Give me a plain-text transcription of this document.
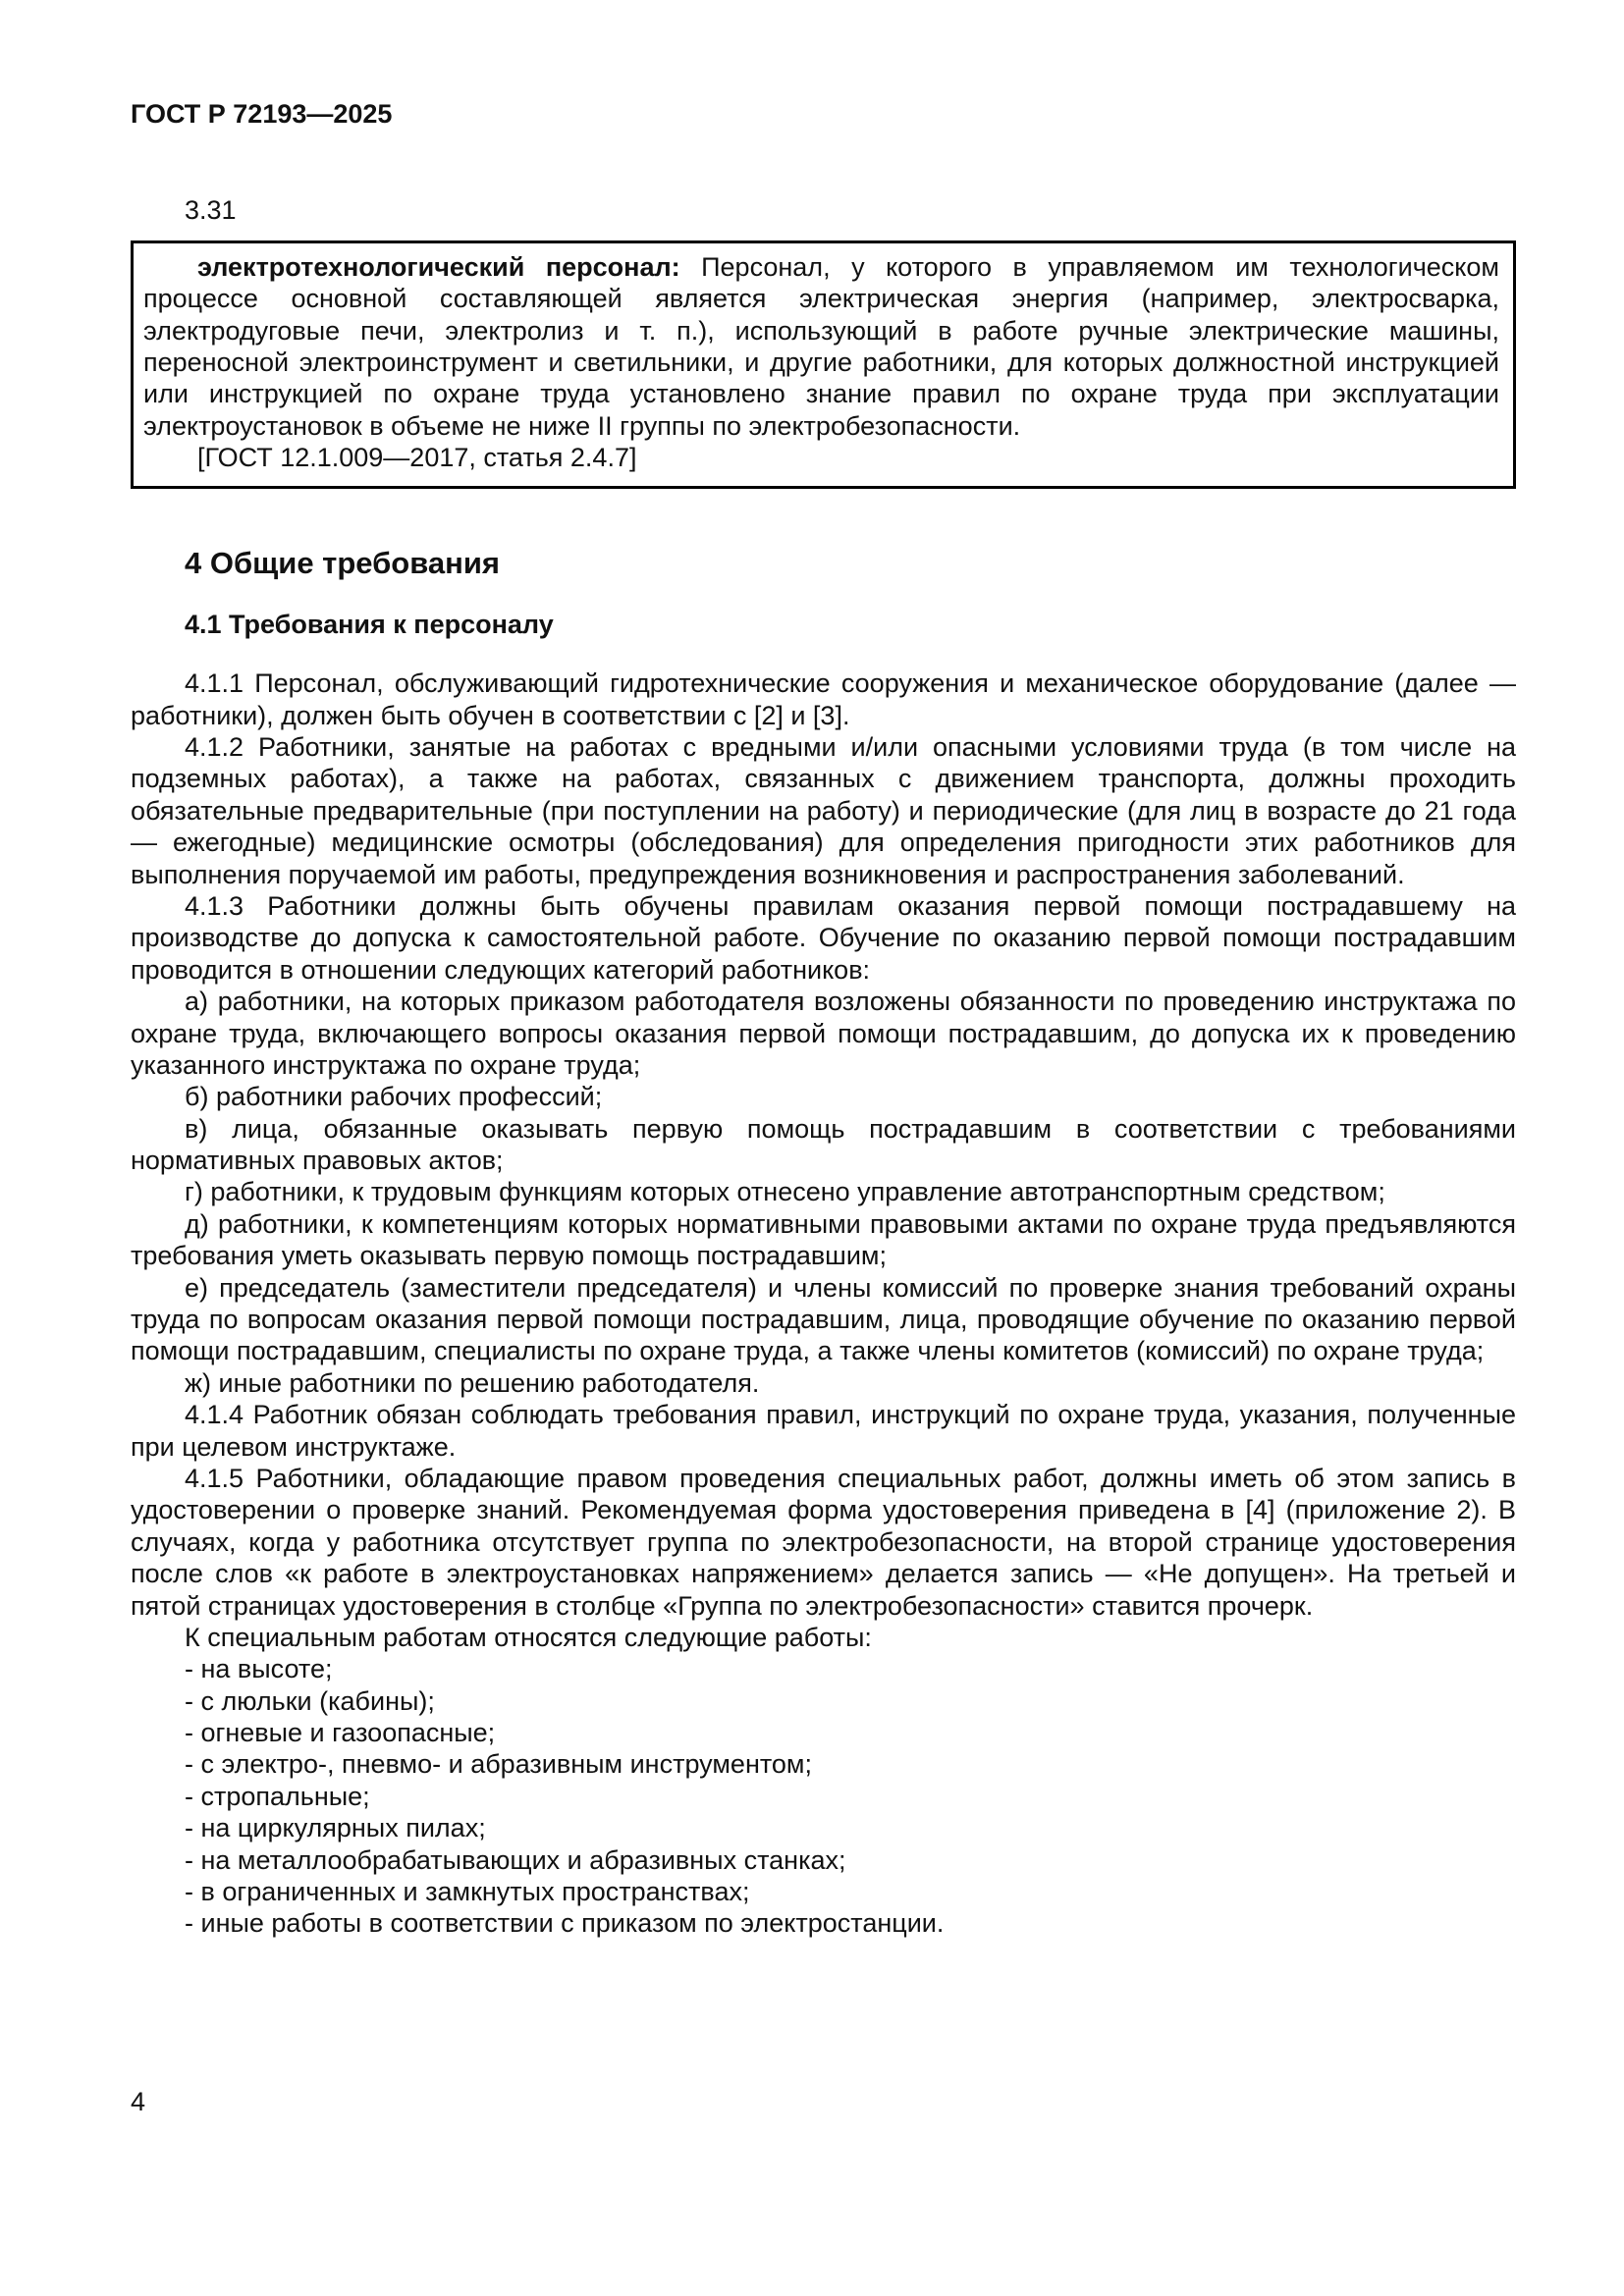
ГОСТ Р 72193—2025
3.31

электротехнологический персонал: Персонал, у которого в управляемом им технологическом процессе основной составляющей является электрическая энергия (например, электросварка, электродуговые печи, электролиз и т. п.), использующий в работе ручные электрические машины, переносной электроинструмент и светильники, и другие работники, для которых должностной инструкцией или инструкцией по охране труда установлено знание правил по охране труда при эксплуатации электроустановок в объеме не ниже II группы по электробезопасности.

[ГОСТ 12.1.009—2017, статья 2.4.7]

4 Общие требования
4.1 Требования к персоналу

4.1.1 Персонал, обслуживающий гидротехнические сооружения и механическое оборудование (далее — работники), должен быть обучен в соответствии с [2] и [3].

4.1.2 Работники, занятые на работах с вредными и/или опасными условиями труда (в том числе на подземных работах), а также на работах, связанных с движением транспорта, должны проходить обязательные предварительные (при поступлении на работу) и периодические (для лиц в возрасте до 21 года — ежегодные) медицинские осмотры (обследования) для определения пригодности этих работников для выполнения поручаемой им работы, предупреждения возникновения и распространения заболеваний.

4.1.3 Работники должны быть обучены правилам оказания первой помощи пострадавшему на производстве до допуска к самостоятельной работе. Обучение по оказанию первой помощи пострадавшим проводится в отношении следующих категорий работников:

а) работники, на которых приказом работодателя возложены обязанности по проведению инструктажа по охране труда, включающего вопросы оказания первой помощи пострадавшим, до допуска их к проведению указанного инструктажа по охране труда;

б) работники рабочих профессий;

в) лица, обязанные оказывать первую помощь пострадавшим в соответствии с требованиями нормативных правовых актов;

г) работники, к трудовым функциям которых отнесено управление автотранспортным средством;

д) работники, к компетенциям которых нормативными правовыми актами по охране труда предъявляются требования уметь оказывать первую помощь пострадавшим;

е) председатель (заместители председателя) и члены комиссий по проверке знания требований охраны труда по вопросам оказания первой помощи пострадавшим, лица, проводящие обучение по оказанию первой помощи пострадавшим, специалисты по охране труда, а также члены комитетов (комиссий) по охране труда;

ж) иные работники по решению работодателя.

4.1.4 Работник обязан соблюдать требования правил, инструкций по охране труда, указания, полученные при целевом инструктаже.

4.1.5 Работники, обладающие правом проведения специальных работ, должны иметь об этом запись в удостоверении о проверке знаний. Рекомендуемая форма удостоверения приведена в [4] (приложение 2). В случаях, когда у работника отсутствует группа по электробезопасности, на второй странице удостоверения после слов «к работе в электроустановках напряжением» делается запись — «Не допущен». На третьей и пятой страницах удостоверения в столбце «Группа по электробезопасности» ставится прочерк.

К специальным работам относятся следующие работы:

- на высоте;

- с люльки (кабины);

- огневые и газоопасные;

- с электро-, пневмо- и абразивным инструментом;

- стропальные;

- на циркулярных пилах;

- на металлообрабатывающих и абразивных станках;

- в ограниченных и замкнутых пространствах;

- иные работы в соответствии с приказом по электростанции.

4
